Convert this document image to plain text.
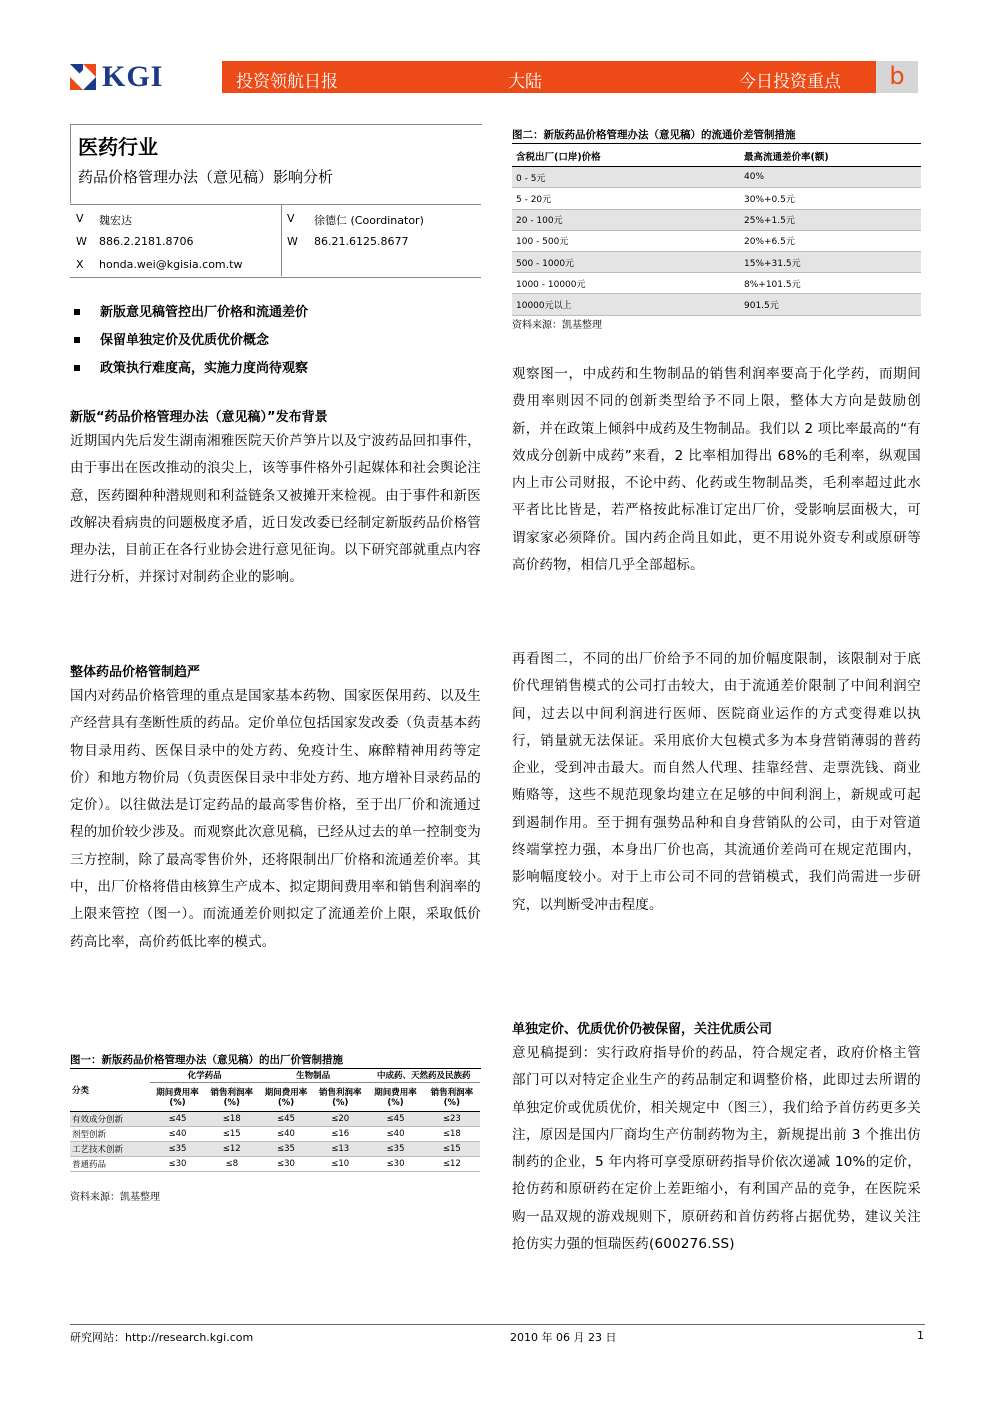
KGI	投资领航日报	大陆	今日投资重点	b
医药行业
药品价格管理办法（意见稿）影响分析
V 魏宏达
W 886.2.2181.8706
X honda.wei@kgisia.com.tw
V 徐德仁 (Coordinator)
W 86.21.6125.8677
新版意见稿管控出厂价格和流通差价
保留单独定价及优质优价概念
政策执行难度高，实施力度尚待观察
新版“药品价格管理办法（意见稿）”发布背景
近期国内先后发生湖南湘雅医院天价芦笋片以及宁波药品回扣事件，由于事出在医改推动的浪尖上，该等事件格外引起媒体和社会舆论注意，医药圈种种潜规则和利益链条又被摊开来检视。由于事件和新医改解决看病贵的问题极度矛盾，近日发改委已经制定新版药品价格管理办法，目前正在各行业协会进行意见征询。以下研究部就重点内容进行分析，并探讨对制药企业的影响。
整体药品价格管制趋严
国内对药品价格管理的重点是国家基本药物、国家医保用药、以及生产经营具有垄断性质的药品。定价单位包括国家发改委（负责基本药物目录用药、医保目录中的处方药、免疫计生、麻醉精神用药等定价）和地方物价局（负责医保目录中非处方药、地方增补目录药品的定价）。以往做法是订定药品的最高零售价格，至于出厂价和流通过程的加价较少涉及。而观察此次意见稿，已经从过去的单一控制变为三方控制，除了最高零售价外，还将限制出厂价格和流通差价率。其中，出厂价格将借由核算生产成本、拟定期间费用率和销售利润率的上限来管控（图一）。而流通差价则拟定了流通差价上限，采取低价药高比率，高价药低比率的模式。
图一：新版药品价格管理办法（意见稿）的出厂价管制措施
分类	化学药品		生物制品		中成药、天然药及民族药	
	期间费用率(%)	销售利润率(%)	期间费用率(%)	销售利润率(%)	期间费用率(%)	销售利润率(%)
有效成分创新	≤45	≤18	≤45	≤20	≤45	≤23
剂型创新	≤40	≤15	≤40	≤16	≤40	≤18
工艺技术创新	≤35	≤12	≤35	≤13	≤35	≤15
普通药品	≤30	≤8	≤30	≤10	≤30	≤12
资料来源：凯基整理
图二：新版药品价格管理办法（意见稿）的流通价差管制措施
含税出厂(口岸)价格	最高流通差价率(额)
0 - 5元	40%
5 - 20元	30%+0.5元
20 - 100元	25%+1.5元
100 - 500元	20%+6.5元
500 - 1000元	15%+31.5元
1000 - 10000元	8%+101.5元
10000元以上	901.5元
资料来源：凯基整理
观察图一，中成药和生物制品的销售利润率要高于化学药，而期间费用率则因不同的创新类型给予不同上限，整体大方向是鼓励创新，并在政策上倾斜中成药及生物制品。我们以 2 项比率最高的“有效成分创新中成药”来看，2 比率相加得出 68%的毛利率，纵观国内上市公司财报，不论中药、化药或生物制品类，毛利率超过此水平者比比皆是，若严格按此标准订定出厂价，受影响层面极大，可谓家家必须降价。国内药企尚且如此，更不用说外资专利或原研等高价药物，相信几乎全部超标。
再看图二，不同的出厂价给予不同的加价幅度限制，该限制对于底价代理销售模式的公司打击较大，由于流通差价限制了中间利润空间，过去以中间利润进行医师、医院商业运作的方式变得难以执行，销量就无法保证。采用底价大包模式多为本身营销薄弱的普药企业，受到冲击最大。而自然人代理、挂靠经营、走票洗钱、商业贿赂等，这些不规范现象均建立在足够的中间利润上，新规或可起到遏制作用。至于拥有强势品种和自身营销队的公司，由于对管道终端掌控力强，本身出厂价也高，其流通价差尚可在规定范围内，影响幅度较小。对于上市公司不同的营销模式，我们尚需进一步研究，以判断受冲击程度。
单独定价、优质优价仍被保留，关注优质公司
意见稿提到：实行政府指导价的药品，符合规定者，政府价格主管部门可以对特定企业生产的药品制定和调整价格，此即过去所谓的单独定价或优质优价，相关规定中（图三），我们给予首仿药更多关注，原因是国内厂商均生产仿制药物为主，新规提出前 3 个推出仿制药的企业，5 年内将可享受原研药指导价依次递减 10%的定价，抢仿药和原研药在定价上差距缩小，有利国产品的竞争，在医院采购一品双规的游戏规则下，原研药和首仿药将占据优势，建议关注抢仿实力强的恒瑞医药(600276.SS)
研究网站：http://research.kgi.com	2010 年 06 月 23 日	1
